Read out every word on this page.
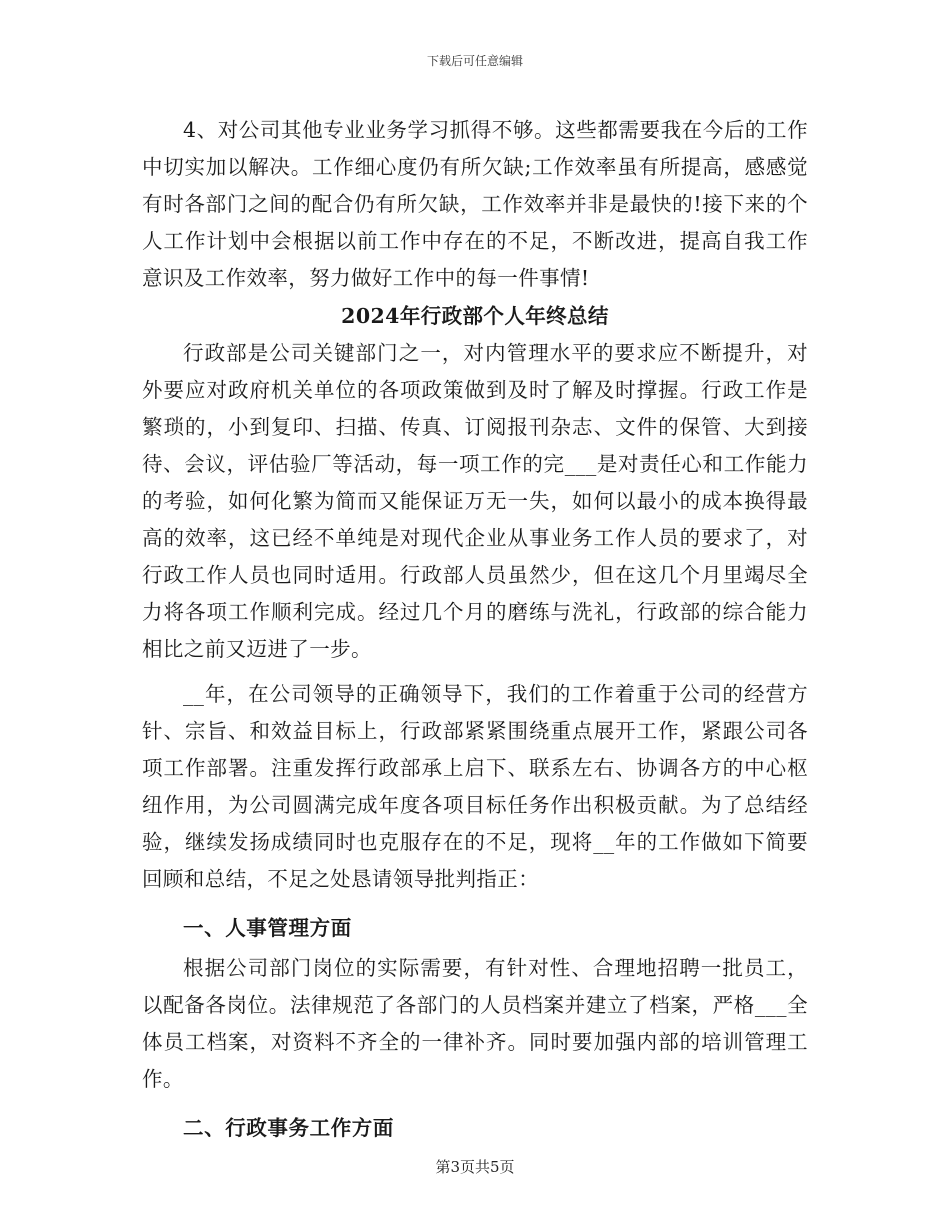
下载后可任意编辑

4、对公司其他专业业务学习抓得不够。这些都需要我在今后的工作中切实加以解决。工作细心度仍有所欠缺;工作效率虽有所提高，感感觉有时各部门之间的配合仍有所欠缺，工作效率并非是最快的!接下来的个人工作计划中会根据以前工作中存在的不足，不断改进，提高自我工作意识及工作效率，努力做好工作中的每一件事情!

2024年行政部个人年终总结

行政部是公司关键部门之一，对内管理水平的要求应不断提升，对外要应对政府机关单位的各项政策做到及时了解及时撑握。行政工作是繁琐的，小到复印、扫描、传真、订阅报刊杂志、文件的保管、大到接待、会议，评估验厂等活动，每一项工作的完___是对责任心和工作能力的考验，如何化繁为简而又能保证万无一失，如何以最小的成本换得最高的效率，这已经不单纯是对现代企业从事业务工作人员的要求了，对行政工作人员也同时适用。行政部人员虽然少，但在这几个月里竭尽全力将各项工作顺利完成。经过几个月的磨练与洗礼，行政部的综合能力相比之前又迈进了一步。

__年，在公司领导的正确领导下，我们的工作着重于公司的经营方针、宗旨、和效益目标上，行政部紧紧围绕重点展开工作，紧跟公司各项工作部署。注重发挥行政部承上启下、联系左右、协调各方的中心枢纽作用，为公司圆满完成年度各项目标任务作出积极贡献。为了总结经验，继续发扬成绩同时也克服存在的不足，现将__年的工作做如下简要回顾和总结，不足之处恳请领导批判指正：

一、人事管理方面

根据公司部门岗位的实际需要，有针对性、合理地招聘一批员工，以配备各岗位。法律规范了各部门的人员档案并建立了档案，严格___全体员工档案，对资料不齐全的一律补齐。同时要加强内部的培训管理工作。

二、行政事务工作方面
第3页共5页
